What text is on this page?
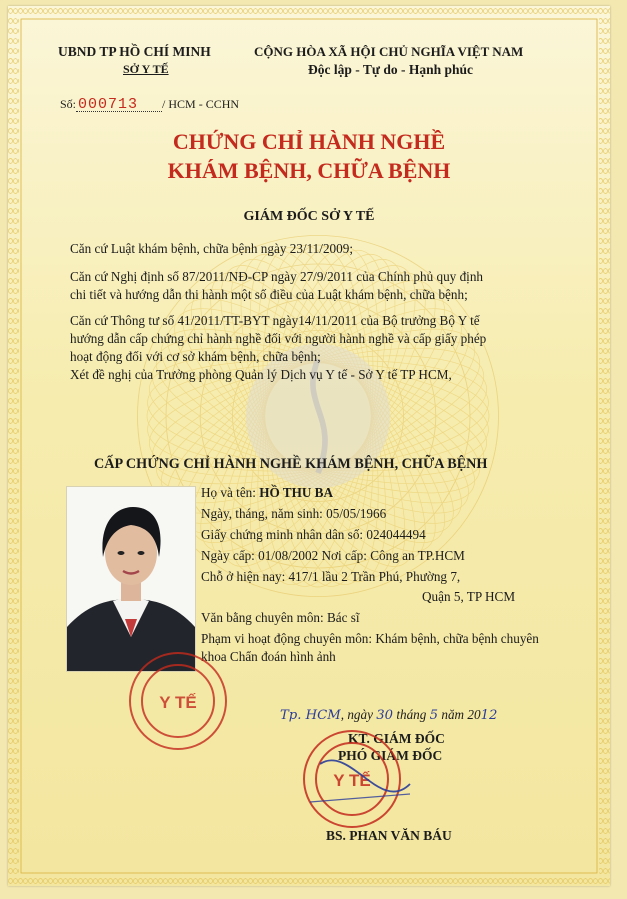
UBND TP HỒ CHÍ MINH
SỞ Y TẾ
CỘNG HÒA XÃ HỘI CHỦ NGHĨA VIỆT NAM
Độc lập - Tự do - Hạnh phúc
Số: 000713 / HCM - CCHN
CHỨNG CHỈ HÀNH NGHỀ
KHÁM BỆNH, CHỮA BỆNH
GIÁM ĐỐC SỞ Y TẾ
Căn cứ Luật khám bệnh, chữa bệnh ngày 23/11/2009;
Căn cứ Nghị định số 87/2011/NĐ-CP ngày 27/9/2011 của Chính phủ quy định
chi tiết và hướng dẫn thi hành một số điều của Luật khám bệnh, chữa bệnh;
Căn cứ Thông tư số 41/2011/TT-BYT ngày14/11/2011 của Bộ trưởng Bộ Y tế
hướng dẫn cấp chứng chỉ hành nghề đối với người hành nghề và cấp giấy phép
hoạt động đối với cơ sở khám bệnh, chữa bệnh;
Xét đề nghị của Trưởng phòng Quản lý Dịch vụ Y tế - Sở Y tế TP HCM,
CẤP CHỨNG CHỈ HÀNH NGHỀ KHÁM BỆNH, CHỮA BỆNH
Họ và tên: HỒ THU BA
Ngày, tháng, năm sinh: 05/05/1966
Giấy chứng minh nhân dân số: 024044494
Ngày cấp: 01/08/2002 Nơi cấp: Công an TP.HCM
Chỗ ở hiện nay: 417/1 lầu 2 Trần Phú, Phường 7,
Quận 5, TP HCM
Văn bằng chuyên môn: Bác sĩ
Phạm vi hoạt động chuyên môn: Khám bệnh, chữa bệnh chuyên
khoa Chẩn đoán hình ảnh
Tp. HCM, ngày 30 tháng 5 năm 2012
KT. GIÁM ĐỐC
PHÓ GIÁM ĐỐC
Y TẾ
Y TẾ
BS. PHAN VĂN BÁU
